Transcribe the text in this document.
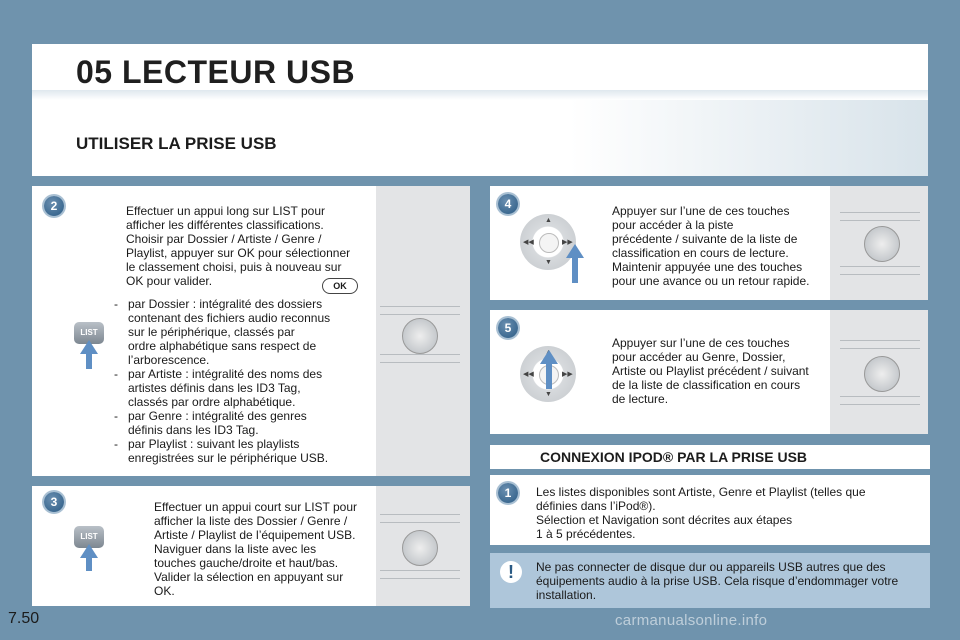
05 LECTEUR USB
UTILISER LA PRISE USB
2	Effectuer un appui long sur LIST pour
afficher les différentes classifications.
Choisir par Dossier / Artiste / Genre /
Playlist, appuyer sur OK pour sélectionner
le classement choisi, puis à nouveau sur
OK pour valider.	OK
- par Dossier : intégralité des dossiers
contenant des fichiers audio reconnus
sur le périphérique, classés par
ordre alphabétique sans respect de
l’arborescence.
- par Artiste : intégralité des noms des
artistes définis dans les ID3 Tag,
classés par ordre alphabétique.
- par Genre : intégralité des genres
définis dans les ID3 Tag.
- par Playlist : suivant les playlists
enregistrées sur le périphérique USB.
LIST
3	Effectuer un appui court sur LIST pour
afficher la liste des Dossier / Genre /
Artiste / Playlist de l’équipement USB.
Naviguer dans la liste avec les
touches gauche/droite et haut/bas.
Valider la sélection en appuyant sur
OK.
LIST
4
▲
▼
◀◀	▶▶
Appuyer sur l’une de ces touches
pour accéder à la piste
précédente / suivante de la liste de
classification en cours de lecture.
Maintenir appuyée une des touches
pour une avance ou un retour rapide.
5
▲
▼
◀◀	▶▶
Appuyer sur l’une de ces touches
pour accéder au Genre, Dossier,
Artiste ou Playlist précédent / suivant
de la liste de classification en cours
de lecture.
CONNEXION IPOD® PAR LA PRISE USB
1	Les listes disponibles sont Artiste, Genre et Playlist (telles que
définies dans l’iPod®).
Sélection et Navigation sont décrites aux étapes
1 à 5 précédentes.
!	Ne pas connecter de disque dur ou appareils USB autres que des
équipements audio à la prise USB. Cela risque d’endommager votre
installation.
7.50	carmanualsonline.info
